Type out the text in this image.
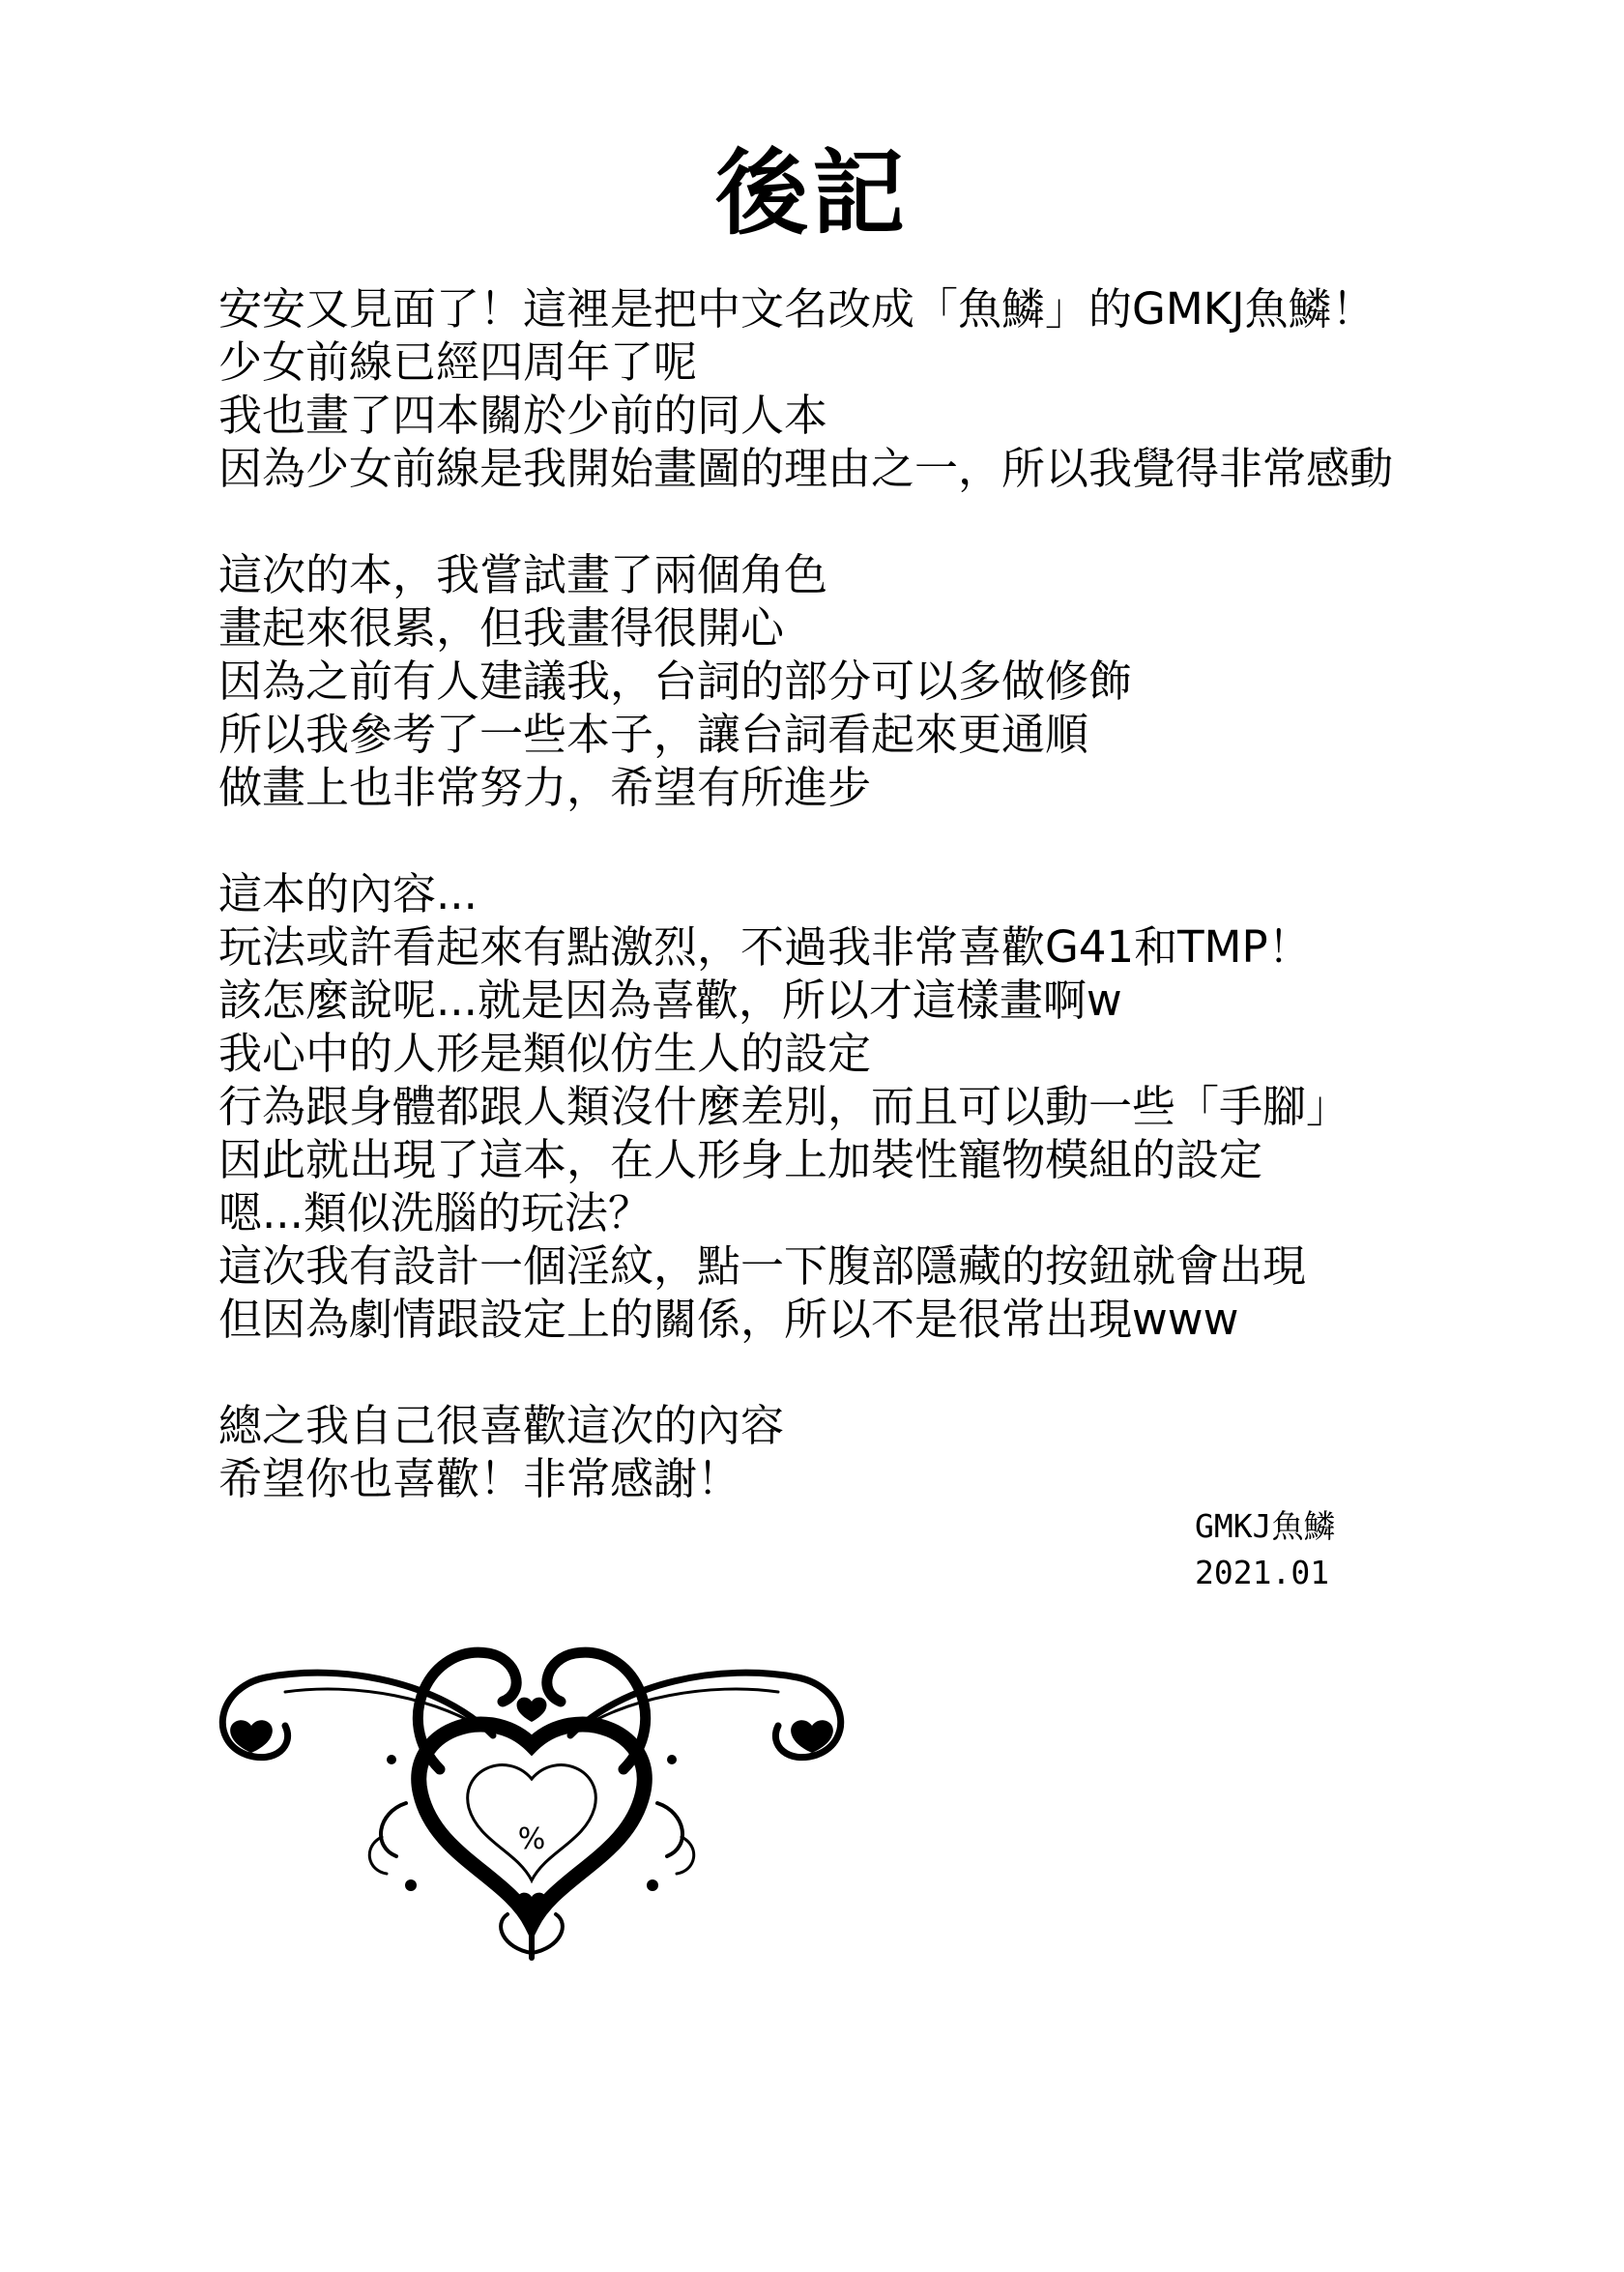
後記
安安又見面了！這裡是把中文名改成「魚鱗」的GMKJ魚鱗！
少女前線已經四周年了呢
我也畫了四本關於少前的同人本
因為少女前線是我開始畫圖的理由之一，所以我覺得非常感動
這次的本，我嘗試畫了兩個角色
畫起來很累，但我畫得很開心
因為之前有人建議我，台詞的部分可以多做修飾
所以我參考了一些本子，讓台詞看起來更通順
做畫上也非常努力，希望有所進步
這本的內容...
玩法或許看起來有點激烈，不過我非常喜歡G41和TMP！
該怎麼說呢...就是因為喜歡，所以才這樣畫啊w
我心中的人形是類似仿生人的設定
行為跟身體都跟人類沒什麼差別，而且可以動一些「手腳」
因此就出現了這本，在人形身上加裝性寵物模組的設定
嗯...類似洗腦的玩法？
這次我有設計一個淫紋，點一下腹部隱藏的按鈕就會出現
但因為劇情跟設定上的關係，所以不是很常出現www
總之我自己很喜歡這次的內容
希望你也喜歡！非常感謝！
GMKJ魚鱗
2021.01
%
